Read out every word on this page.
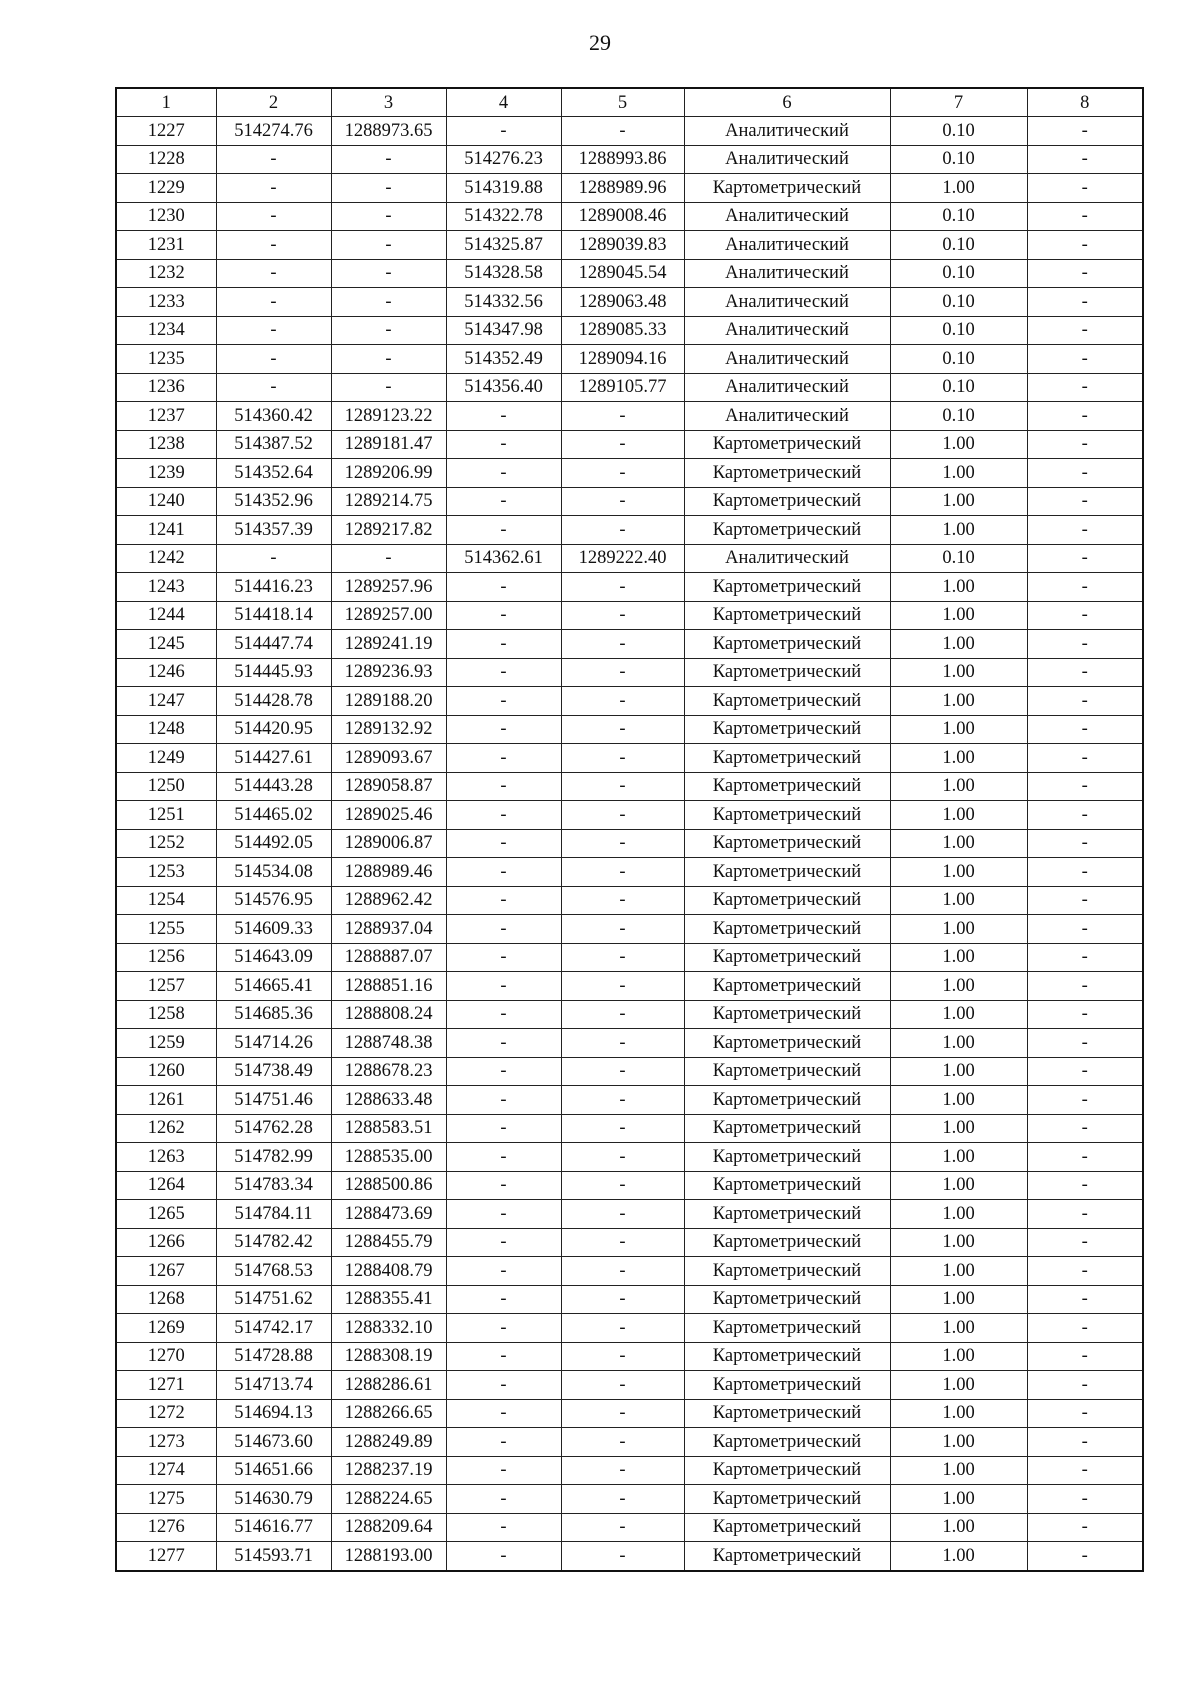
29
1	2	3	4	5	6	7	8
1227	514274.76	1288973.65	-	-	Аналитический	0.10	-
1228	-	-	514276.23	1288993.86	Аналитический	0.10	-
1229	-	-	514319.88	1288989.96	Картометрический	1.00	-
1230	-	-	514322.78	1289008.46	Аналитический	0.10	-
1231	-	-	514325.87	1289039.83	Аналитический	0.10	-
1232	-	-	514328.58	1289045.54	Аналитический	0.10	-
1233	-	-	514332.56	1289063.48	Аналитический	0.10	-
1234	-	-	514347.98	1289085.33	Аналитический	0.10	-
1235	-	-	514352.49	1289094.16	Аналитический	0.10	-
1236	-	-	514356.40	1289105.77	Аналитический	0.10	-
1237	514360.42	1289123.22	-	-	Аналитический	0.10	-
1238	514387.52	1289181.47	-	-	Картометрический	1.00	-
1239	514352.64	1289206.99	-	-	Картометрический	1.00	-
1240	514352.96	1289214.75	-	-	Картометрический	1.00	-
1241	514357.39	1289217.82	-	-	Картометрический	1.00	-
1242	-	-	514362.61	1289222.40	Аналитический	0.10	-
1243	514416.23	1289257.96	-	-	Картометрический	1.00	-
1244	514418.14	1289257.00	-	-	Картометрический	1.00	-
1245	514447.74	1289241.19	-	-	Картометрический	1.00	-
1246	514445.93	1289236.93	-	-	Картометрический	1.00	-
1247	514428.78	1289188.20	-	-	Картометрический	1.00	-
1248	514420.95	1289132.92	-	-	Картометрический	1.00	-
1249	514427.61	1289093.67	-	-	Картометрический	1.00	-
1250	514443.28	1289058.87	-	-	Картометрический	1.00	-
1251	514465.02	1289025.46	-	-	Картометрический	1.00	-
1252	514492.05	1289006.87	-	-	Картометрический	1.00	-
1253	514534.08	1288989.46	-	-	Картометрический	1.00	-
1254	514576.95	1288962.42	-	-	Картометрический	1.00	-
1255	514609.33	1288937.04	-	-	Картометрический	1.00	-
1256	514643.09	1288887.07	-	-	Картометрический	1.00	-
1257	514665.41	1288851.16	-	-	Картометрический	1.00	-
1258	514685.36	1288808.24	-	-	Картометрический	1.00	-
1259	514714.26	1288748.38	-	-	Картометрический	1.00	-
1260	514738.49	1288678.23	-	-	Картометрический	1.00	-
1261	514751.46	1288633.48	-	-	Картометрический	1.00	-
1262	514762.28	1288583.51	-	-	Картометрический	1.00	-
1263	514782.99	1288535.00	-	-	Картометрический	1.00	-
1264	514783.34	1288500.86	-	-	Картометрический	1.00	-
1265	514784.11	1288473.69	-	-	Картометрический	1.00	-
1266	514782.42	1288455.79	-	-	Картометрический	1.00	-
1267	514768.53	1288408.79	-	-	Картометрический	1.00	-
1268	514751.62	1288355.41	-	-	Картометрический	1.00	-
1269	514742.17	1288332.10	-	-	Картометрический	1.00	-
1270	514728.88	1288308.19	-	-	Картометрический	1.00	-
1271	514713.74	1288286.61	-	-	Картометрический	1.00	-
1272	514694.13	1288266.65	-	-	Картометрический	1.00	-
1273	514673.60	1288249.89	-	-	Картометрический	1.00	-
1274	514651.66	1288237.19	-	-	Картометрический	1.00	-
1275	514630.79	1288224.65	-	-	Картометрический	1.00	-
1276	514616.77	1288209.64	-	-	Картометрический	1.00	-
1277	514593.71	1288193.00	-	-	Картометрический	1.00	-
